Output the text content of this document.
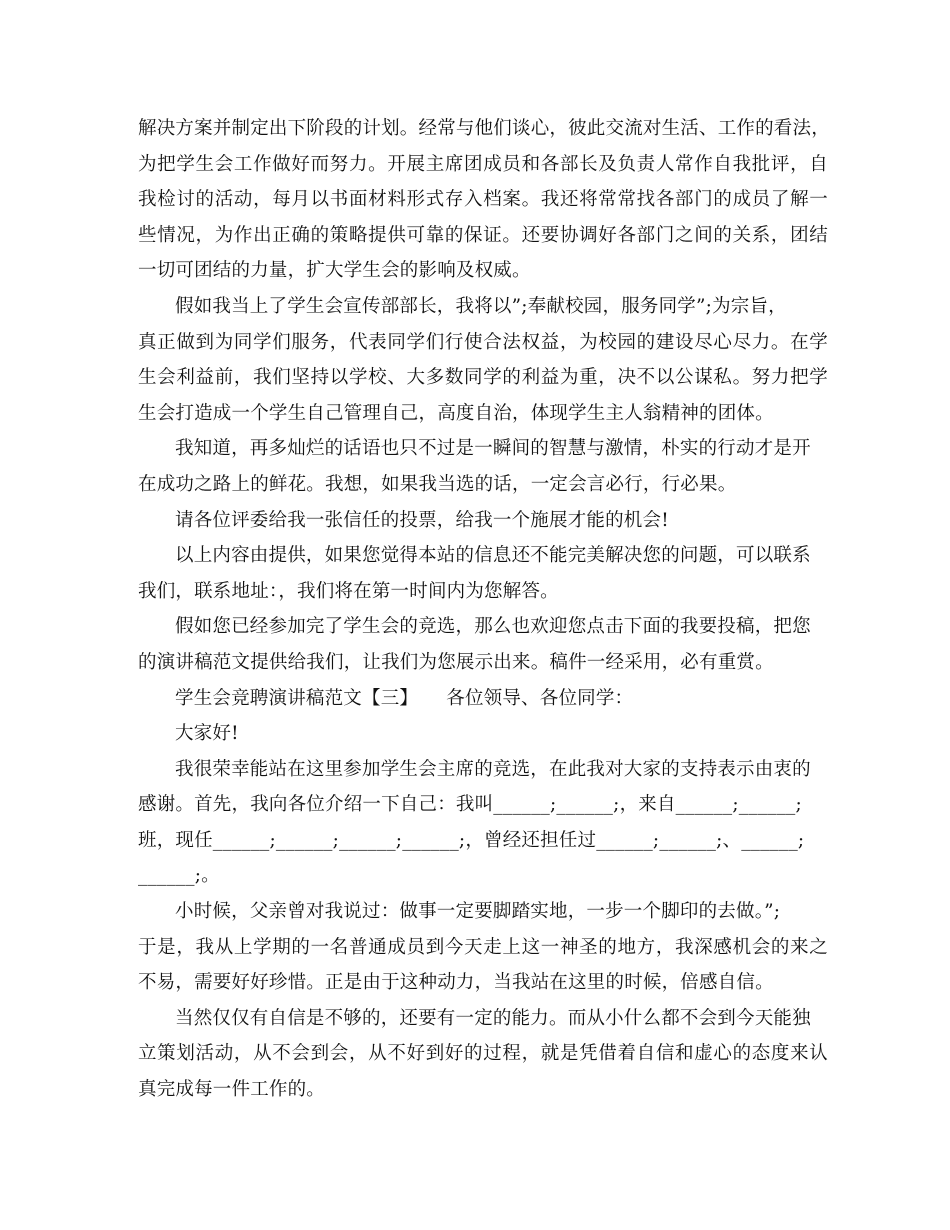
解决方案并制定出下阶段的计划。经常与他们谈心，彼此交流对生活、工作的看法，
为把学生会工作做好而努力。开展主席团成员和各部长及负责人常作自我批评，自
我检讨的活动，每月以书面材料形式存入档案。我还将常常找各部门的成员了解一
些情况，为作出正确的策略提供可靠的保证。还要协调好各部门之间的关系，团结
一切可团结的力量，扩大学生会的影响及权威。
假如我当上了学生会宣传部部长，我将以”;奉献校园，服务同学”;为宗旨，
真正做到为同学们服务，代表同学们行使合法权益，为校园的建设尽心尽力。在学
生会利益前，我们坚持以学校、大多数同学的利益为重，决不以公谋私。努力把学
生会打造成一个学生自己管理自己，高度自治，体现学生主人翁精神的团体。
我知道，再多灿烂的话语也只不过是一瞬间的智慧与激情，朴实的行动才是开
在成功之路上的鲜花。我想，如果我当选的话，一定会言必行，行必果。
请各位评委给我一张信任的投票，给我一个施展才能的机会!
以上内容由提供，如果您觉得本站的信息还不能完美解决您的问题，可以联系
我们，联系地址：，我们将在第一时间内为您解答。
假如您已经参加完了学生会的竞选，那么也欢迎您点击下面的我要投稿，把您
的演讲稿范文提供给我们，让我们为您展示出来。稿件一经采用，必有重赏。
学生会竞聘演讲稿范文【三】　　各位领导、各位同学：
大家好!
我很荣幸能站在这里参加学生会主席的竞选，在此我对大家的支持表示由衷的
感谢。首先，我向各位介绍一下自己：我叫______;______;，来自______;______;
班，现任______;______;______;______;，曾经还担任过______;______;、______;
______;。
小时候，父亲曾对我说过：做事一定要脚踏实地，一步一个脚印的去做。”;
于是，我从上学期的一名普通成员到今天走上这一神圣的地方，我深感机会的来之
不易，需要好好珍惜。正是由于这种动力，当我站在这里的时候，倍感自信。
当然仅仅有自信是不够的，还要有一定的能力。而从小什么都不会到今天能独
立策划活动，从不会到会，从不好到好的过程，就是凭借着自信和虚心的态度来认
真完成每一件工作的。
